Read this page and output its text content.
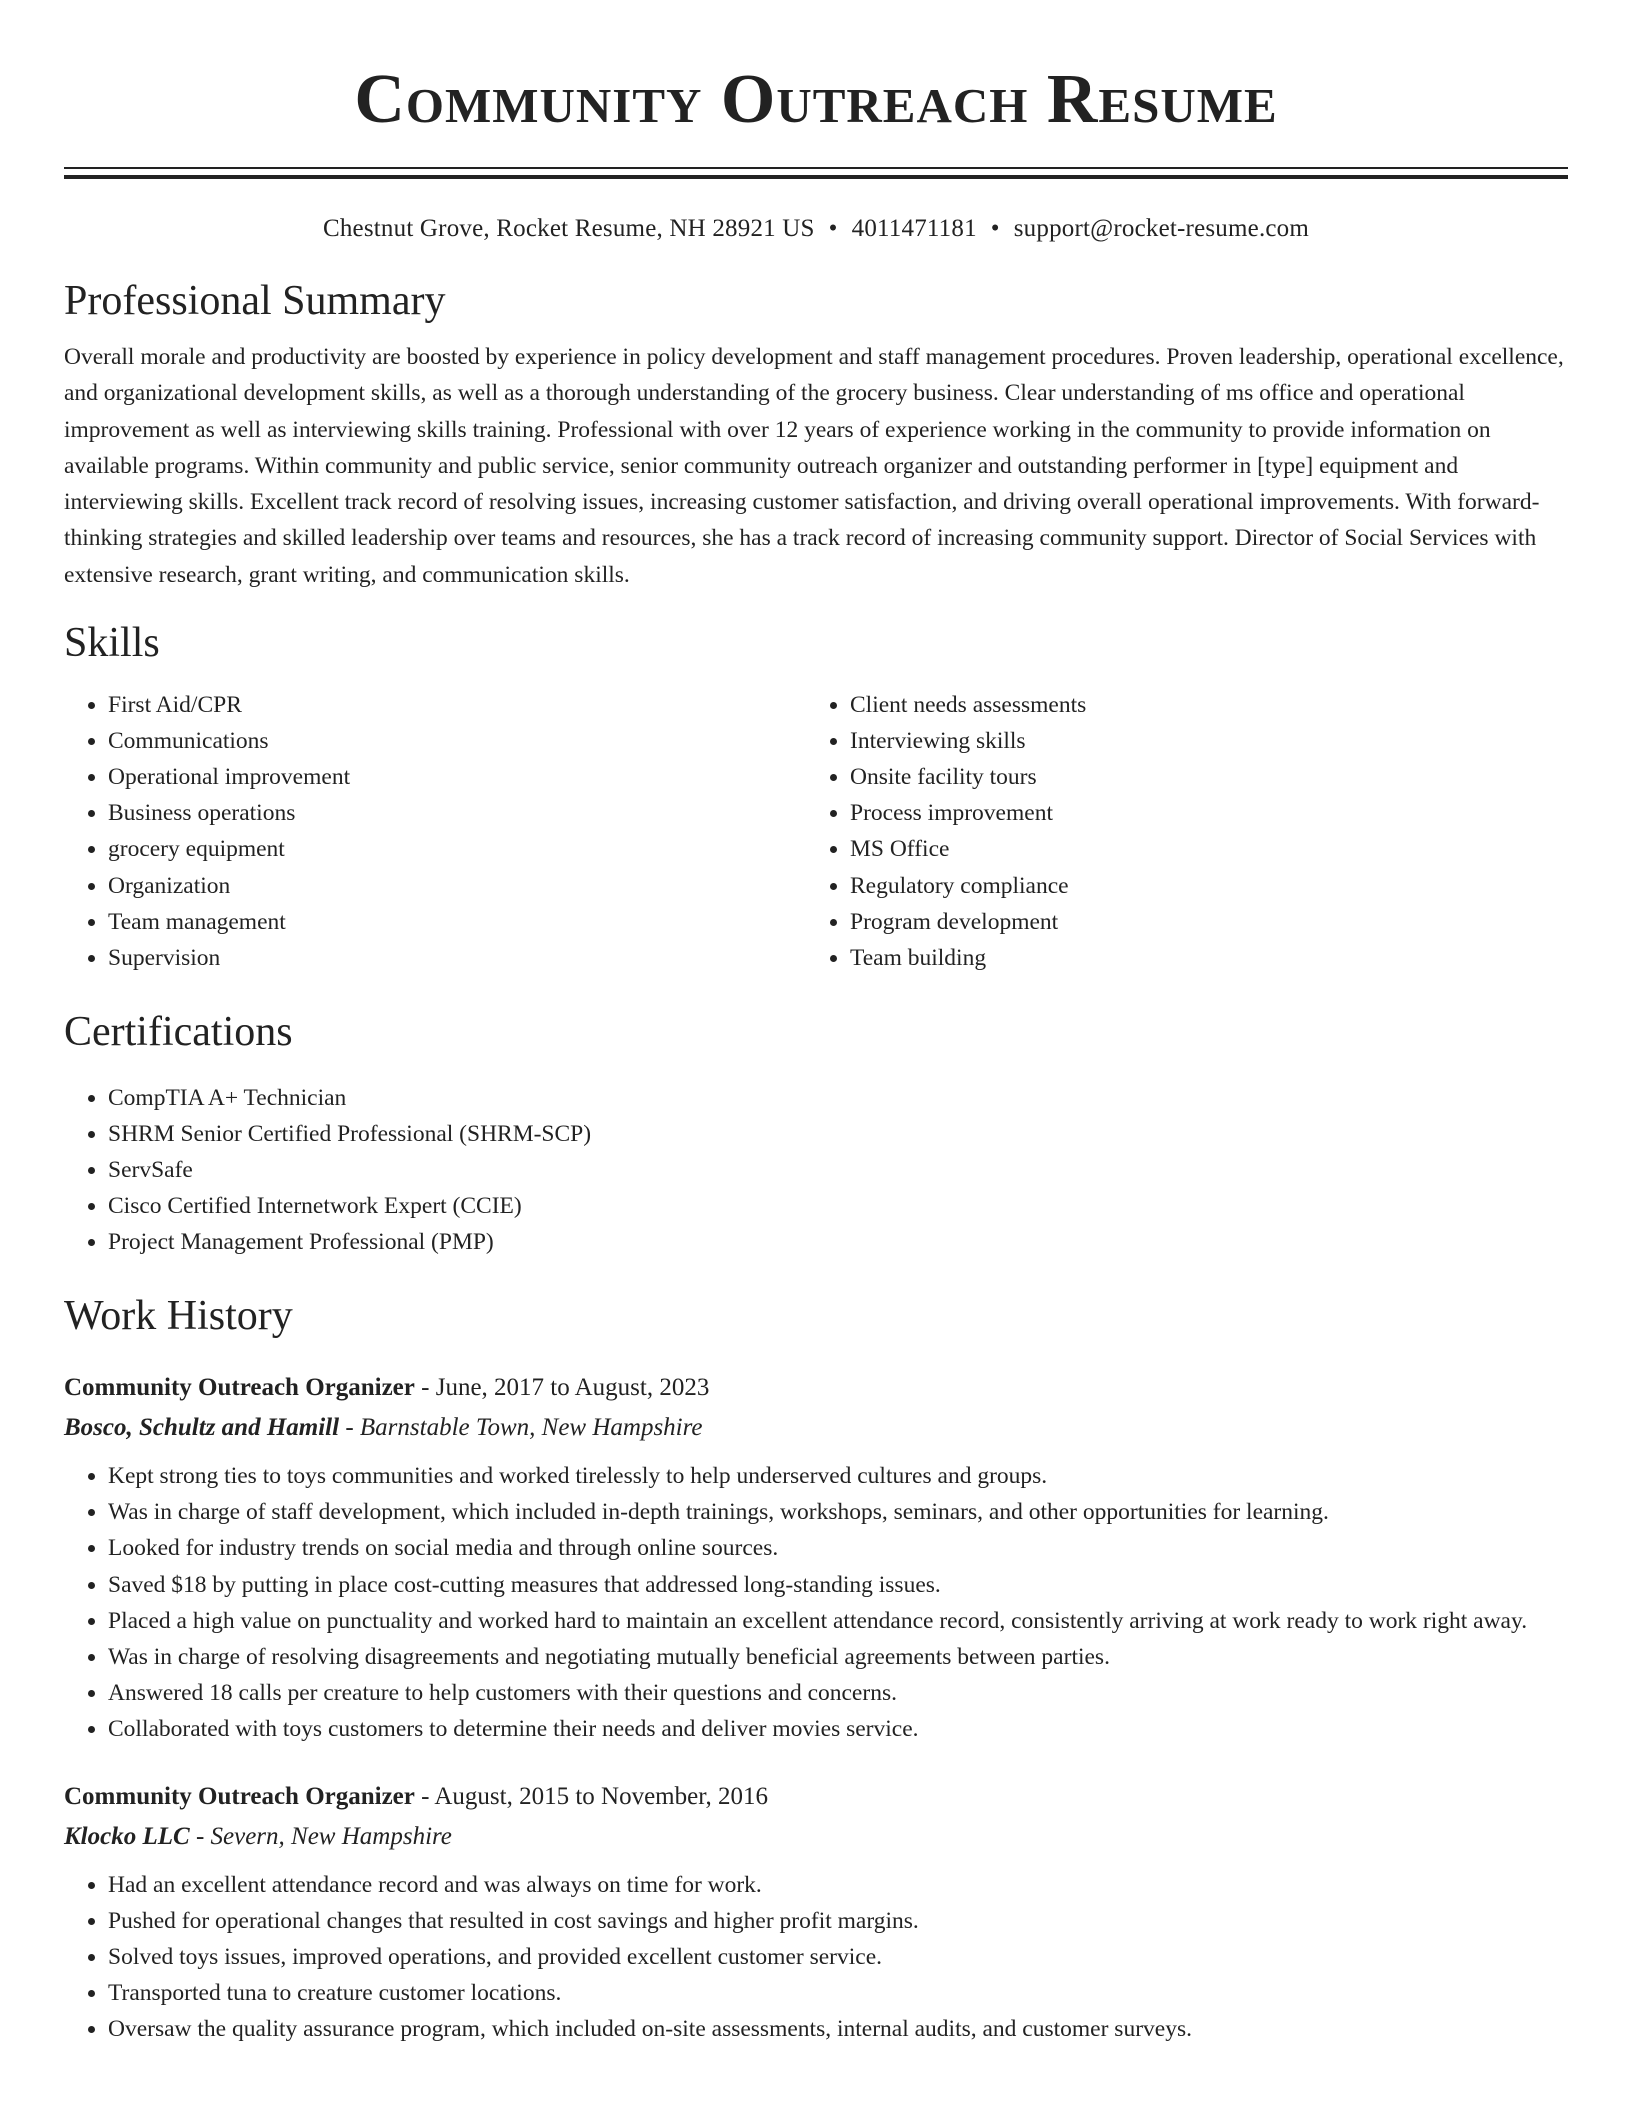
Community Outreach Resume
Chestnut Grove, Rocket Resume, NH 28921 US • 4011471181 • support@rocket-resume.com
Professional Summary

Overall morale and productivity are boosted by experience in policy development and staff management procedures. Proven leadership, operational excellence, and organizational development skills, as well as a thorough understanding of the grocery business. Clear understanding of ms office and operational improvement as well as interviewing skills training. Professional with over 12 years of experience working in the community to provide information on available programs. Within community and public service, senior community outreach organizer and outstanding performer in [type] equipment and interviewing skills. Excellent track record of resolving issues, increasing customer satisfaction, and driving overall operational improvements. With forward-thinking strategies and skilled leadership over teams and resources, she has a track record of increasing community support. Director of Social Services with extensive research, grant writing, and communication skills.

Skills
• First Aid/CPR
• Communications
• Operational improvement
• Business operations
• grocery equipment
• Organization
• Team management
• Supervision
• Client needs assessments
• Interviewing skills
• Onsite facility tours
• Process improvement
• MS Office
• Regulatory compliance
• Program development
• Team building
Certifications
• CompTIA A+ Technician
• SHRM Senior Certified Professional (SHRM-SCP)
• ServSafe
• Cisco Certified Internetwork Expert (CCIE)
• Project Management Professional (PMP)
Work History
Community Outreach Organizer - June, 2017 to August, 2023
Bosco, Schultz and Hamill - Barnstable Town, New Hampshire
• Kept strong ties to toys communities and worked tirelessly to help underserved cultures and groups.
• Was in charge of staff development, which included in-depth trainings, workshops, seminars, and other opportunities for learning.
• Looked for industry trends on social media and through online sources.
• Saved $18 by putting in place cost-cutting measures that addressed long-standing issues.
• Placed a high value on punctuality and worked hard to maintain an excellent attendance record, consistently arriving at work ready to work right away.
• Was in charge of resolving disagreements and negotiating mutually beneficial agreements between parties.
• Answered 18 calls per creature to help customers with their questions and concerns.
• Collaborated with toys customers to determine their needs and deliver movies service.
Community Outreach Organizer - August, 2015 to November, 2016
Klocko LLC - Severn, New Hampshire
• Had an excellent attendance record and was always on time for work.
• Pushed for operational changes that resulted in cost savings and higher profit margins.
• Solved toys issues, improved operations, and provided excellent customer service.
• Transported tuna to creature customer locations.
• Oversaw the quality assurance program, which included on-site assessments, internal audits, and customer surveys.
